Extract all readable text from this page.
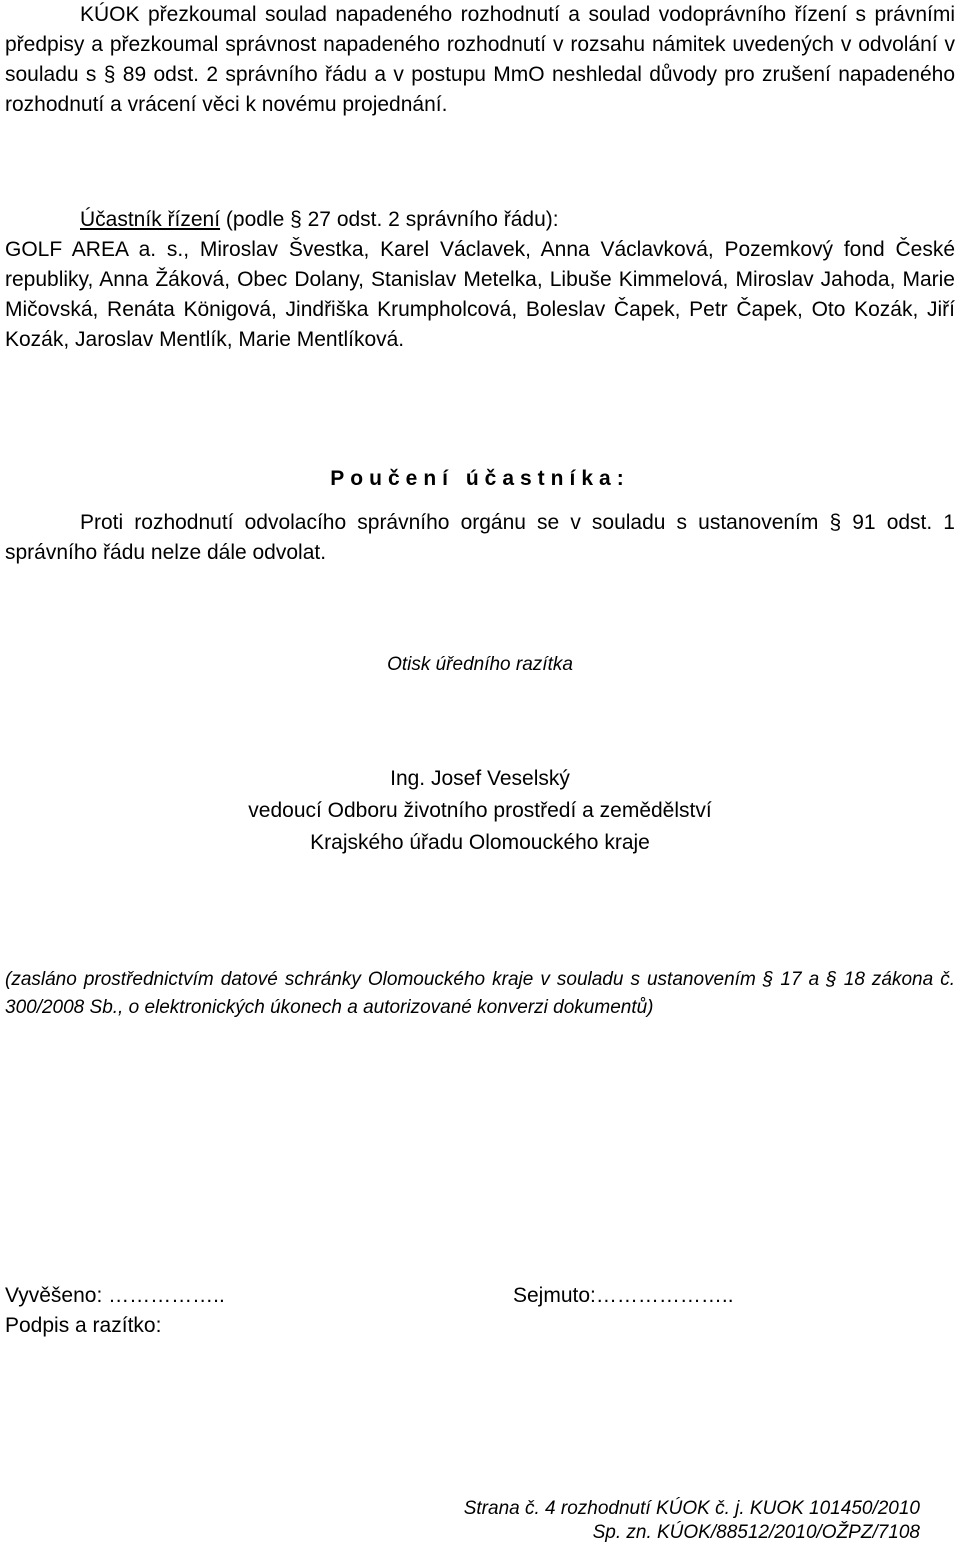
KÚOK přezkoumal soulad napadeného rozhodnutí a soulad vodoprávního řízení s právními předpisy a přezkoumal správnost napadeného rozhodnutí v rozsahu námitek uvedených v odvolání v souladu s § 89 odst. 2 správního řádu a v postupu MmO neshledal důvody pro zrušení napadeného rozhodnutí a vrácení věci k novému projednání.

Účastník řízení (podle § 27 odst. 2 správního řádu):

GOLF AREA a. s., Miroslav Švestka, Karel Václavek, Anna Václavková, Pozemkový fond České republiky, Anna Žáková, Obec Dolany, Stanislav Metelka, Libuše Kimmelová, Miroslav Jahoda, Marie Mičovská, Renáta Königová, Jindřiška Krumpholcová, Boleslav Čapek, Petr Čapek, Oto Kozák, Jiří Kozák, Jaroslav Mentlík, Marie Mentlíková.

Poučení účastníka:

Proti rozhodnutí odvolacího správního orgánu se v souladu s ustanovením § 91 odst. 1 správního řádu nelze dále odvolat.

Otisk úředního razítka
Ing. Josef Veselský
vedoucí Odboru životního prostředí a zemědělství
Krajského úřadu Olomouckého kraje

(zasláno prostřednictvím datové schránky Olomouckého kraje v souladu s ustanovením § 17 a § 18 zákona č. 300/2008 Sb., o elektronických úkonech a autorizované konverzi dokumentů)

Vyvěšeno: ……………..	Sejmuto:………………..
Podpis a razítko:
Strana č. 4 rozhodnutí KÚOK č. j. KUOK 101450/2010
Sp. zn. KÚOK/88512/2010/OŽPZ/7108
